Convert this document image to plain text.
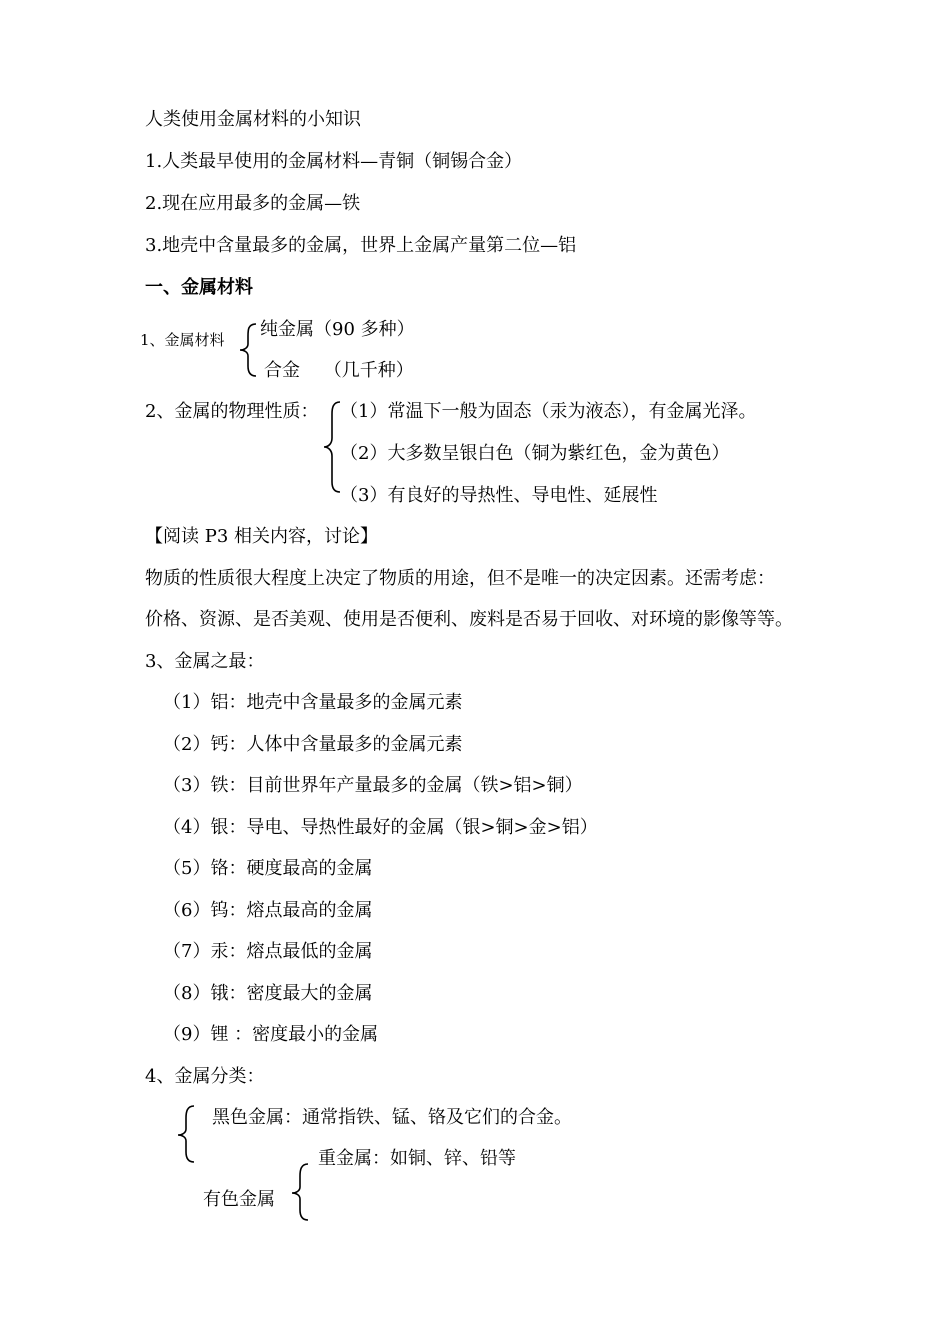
人类使用金属材料的小知识
1.人类最早使用的金属材料—青铜（铜锡合金）
2.现在应用最多的金属—铁
3.地壳中含量最多的金属，世界上金属产量第二位—铝
一、金属材料
1、金属材料 纯金属（90 多种）
合金　 （几千种）
2、金属的物理性质： （1）常温下一般为固态（汞为液态），有金属光泽。
（2）大多数呈银白色（铜为紫红色，金为黄色）
（3）有良好的导热性、导电性、延展性
【阅读 P3 相关内容，讨论】
物质的性质很大程度上决定了物质的用途，但不是唯一的决定因素。还需考虑：
价格、资源、是否美观、使用是否便利、废料是否易于回收、对环境的影像等等。
3、金属之最：
（1）铝：地壳中含量最多的金属元素
（2）钙：人体中含量最多的金属元素
（3）铁：目前世界年产量最多的金属（铁>铝>铜）
（4）银：导电、导热性最好的金属（银>铜>金>铝）
（5）铬：硬度最高的金属
（6）钨：熔点最高的金属
（7）汞：熔点最低的金属
（8）锇：密度最大的金属
（9）锂 ：密度最小的金属
4、金属分类：
黑色金属：通常指铁、锰、铬及它们的合金。
有色金属
重金属：如铜、锌、铅等
